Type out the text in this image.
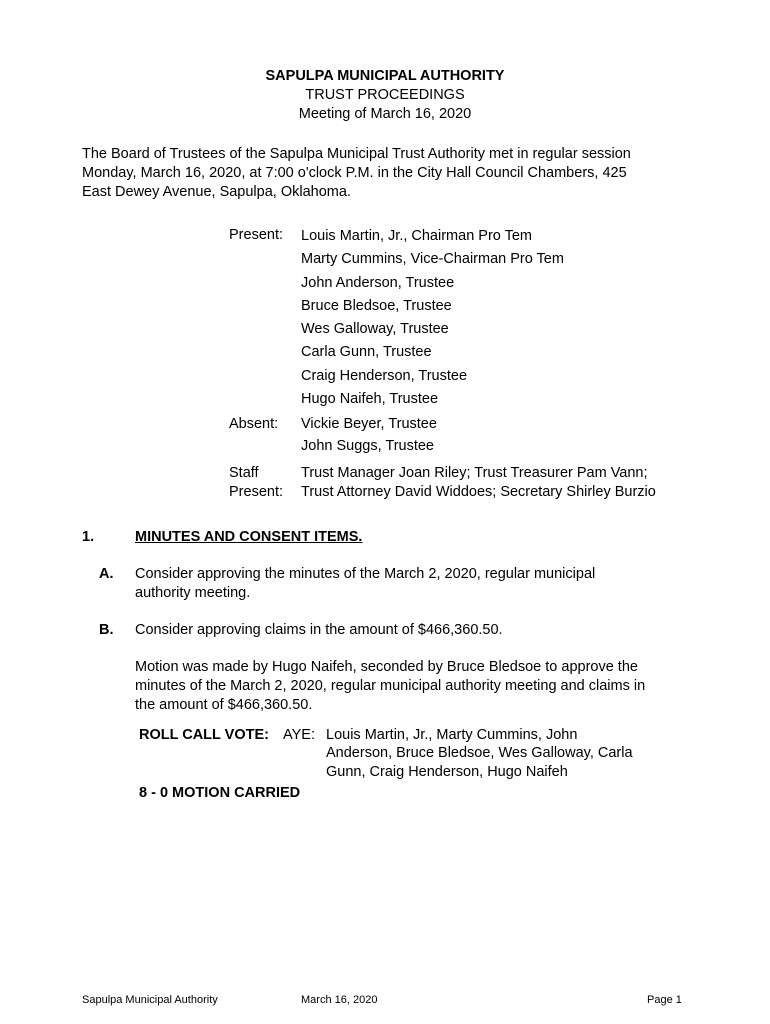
SAPULPA MUNICIPAL AUTHORITY
TRUST PROCEEDINGS
Meeting of March 16, 2020
The Board of Trustees of the Sapulpa Municipal Trust Authority met in regular session
Monday, March 16, 2020, at 7:00 o'clock P.M. in the City Hall Council Chambers, 425
East Dewey Avenue, Sapulpa, Oklahoma.
Present: Louis Martin, Jr., Chairman Pro Tem
Marty Cummins, Vice-Chairman Pro Tem
John Anderson, Trustee
Bruce Bledsoe, Trustee
Wes Galloway, Trustee
Carla Gunn, Trustee
Craig Henderson, Trustee
Hugo Naifeh, Trustee
Absent: Vickie Beyer, Trustee
John Suggs, Trustee
Staff
Present:
Trust Manager Joan Riley; Trust Treasurer Pam Vann;
Trust Attorney David Widdoes; Secretary Shirley Burzio
1.	MINUTES AND CONSENT ITEMS.
A. Consider approving the minutes of the March 2, 2020, regular municipal
authority meeting.
B. Consider approving claims in the amount of $466,360.50.
Motion was made by Hugo Naifeh, seconded by Bruce Bledsoe to approve the
minutes of the March 2, 2020, regular municipal authority meeting and claims in
the amount of $466,360.50.
ROLL CALL VOTE: AYE: Louis Martin, Jr., Marty Cummins, John
Anderson, Bruce Bledsoe, Wes Galloway, Carla
Gunn, Craig Henderson, Hugo Naifeh
8 - 0 MOTION CARRIED
Sapulpa Municipal Authority	March 16, 2020	Page 1
